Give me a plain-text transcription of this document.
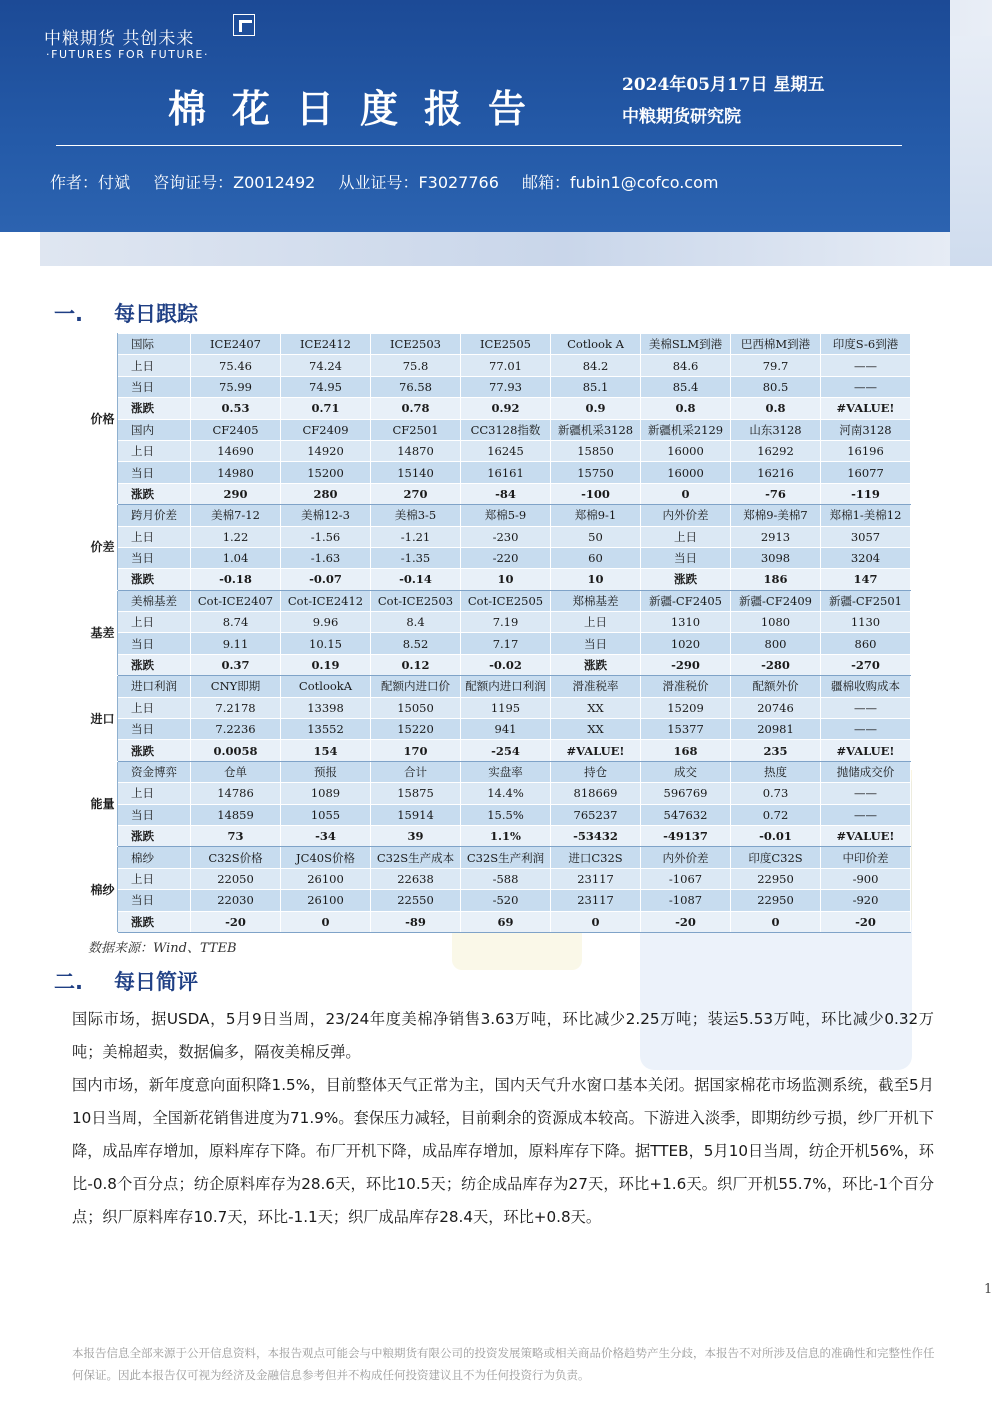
中粮期货 共创未来
·FUTURES FOR FUTURE·
棉花日度报告
2024年05月17日 星期五
中粮期货研究院
作者：付斌 咨询证号：Z0012492 从业证号：F3027766 邮箱：fubin1@cofco.com
一. 每日跟踪
价格	国际	ICE2407	ICE2412	ICE2503	ICE2505	Cotlook A	美棉SLM到港	巴西棉M到港	印度S-6到港
	上日	75.46	74.24	75.8	77.01	84.2	84.6	79.7	——
	当日	75.99	74.95	76.58	77.93	85.1	85.4	80.5	——
	涨跌	0.53	0.71	0.78	0.92	0.9	0.8	0.8	#VALUE!
	国内	CF2405	CF2409	CF2501	CC3128指数	新疆机采3128	新疆机采2129	山东3128	河南3128
	上日	14690	14920	14870	16245	15850	16000	16292	16196
	当日	14980	15200	15140	16161	15750	16000	16216	16077
	涨跌	290	280	270	-84	-100	0	-76	-119
价差	跨月价差	美棉7-12	美棉12-3	美棉3-5	郑棉5-9	郑棉9-1	内外价差	郑棉9-美棉7	郑棉1-美棉12
	上日	1.22	-1.56	-1.21	-230	50	上日	2913	3057
	当日	1.04	-1.63	-1.35	-220	60	当日	3098	3204
	涨跌	-0.18	-0.07	-0.14	10	10	涨跌	186	147
基差	美棉基差	Cot-ICE2407	Cot-ICE2412	Cot-ICE2503	Cot-ICE2505	郑棉基差	新疆-CF2405	新疆-CF2409	新疆-CF2501
	上日	8.74	9.96	8.4	7.19	上日	1310	1080	1130
	当日	9.11	10.15	8.52	7.17	当日	1020	800	860
	涨跌	0.37	0.19	0.12	-0.02	涨跌	-290	-280	-270
进口	进口利润	CNY即期	CotlookA	配额内进口价	配额内进口利润	滑准税率	滑准税价	配额外价	疆棉收购成本
	上日	7.2178	13398	15050	1195	XX	15209	20746	——
	当日	7.2236	13552	15220	941	XX	15377	20981	——
	涨跌	0.0058	154	170	-254	#VALUE!	168	235	#VALUE!
能量	资金博弈	仓单	预报	合计	实盘率	持仓	成交	热度	抛储成交价
	上日	14786	1089	15875	14.4%	818669	596769	0.73	——
	当日	14859	1055	15914	15.5%	765237	547632	0.72	——
	涨跌	73	-34	39	1.1%	-53432	-49137	-0.01	#VALUE!
棉纱	棉纱	C32S价格	JC40S价格	C32S生产成本	C32S生产利润	进口C32S	内外价差	印度C32S	中印价差
	上日	22050	26100	22638	-588	23117	-1067	22950	-900
	当日	22030	26100	22550	-520	23117	-1087	22950	-920
	涨跌	-20	0	-89	69	0	-20	0	-20
数据来源：Wind、TTEB
二. 每日简评
国际市场，据USDA，5月9日当周，23/24年度美棉净销售3.63万吨，环比减少2.25万吨；装运5.53万吨，环比减少0.32万吨；美棉超卖，数据偏多，隔夜美棉反弹。
国内市场，新年度意向面积降1.5%，目前整体天气正常为主，国内天气升水窗口基本关闭。据国家棉花市场监测系统，截至5月10日当周，全国新花销售进度为71.9%。套保压力减轻，目前剩余的资源成本较高。下游进入淡季，即期纺纱亏损，纱厂开机下降，成品库存增加，原料库存下降。布厂开机下降，成品库存增加，原料库存下降。据TTEB，5月10日当周，纺企开机56%，环比-0.8个百分点；纺企原料库存为28.6天，环比10.5天；纺企成品库存为27天，环比+1.6天。织厂开机55.7%，环比-1个百分点；织厂原料库存10.7天，环比-1.1天；织厂成品库存28.4天，环比+0.8天。
1
本报告信息全部来源于公开信息资料，本报告观点可能会与中粮期货有限公司的投资发展策略或相关商品价格趋势产生分歧，本报告不对所涉及信息的准确性和完整性作任何保证。因此本报告仅可视为经济及金融信息参考但并不构成任何投资建议且不为任何投资行为负责。
